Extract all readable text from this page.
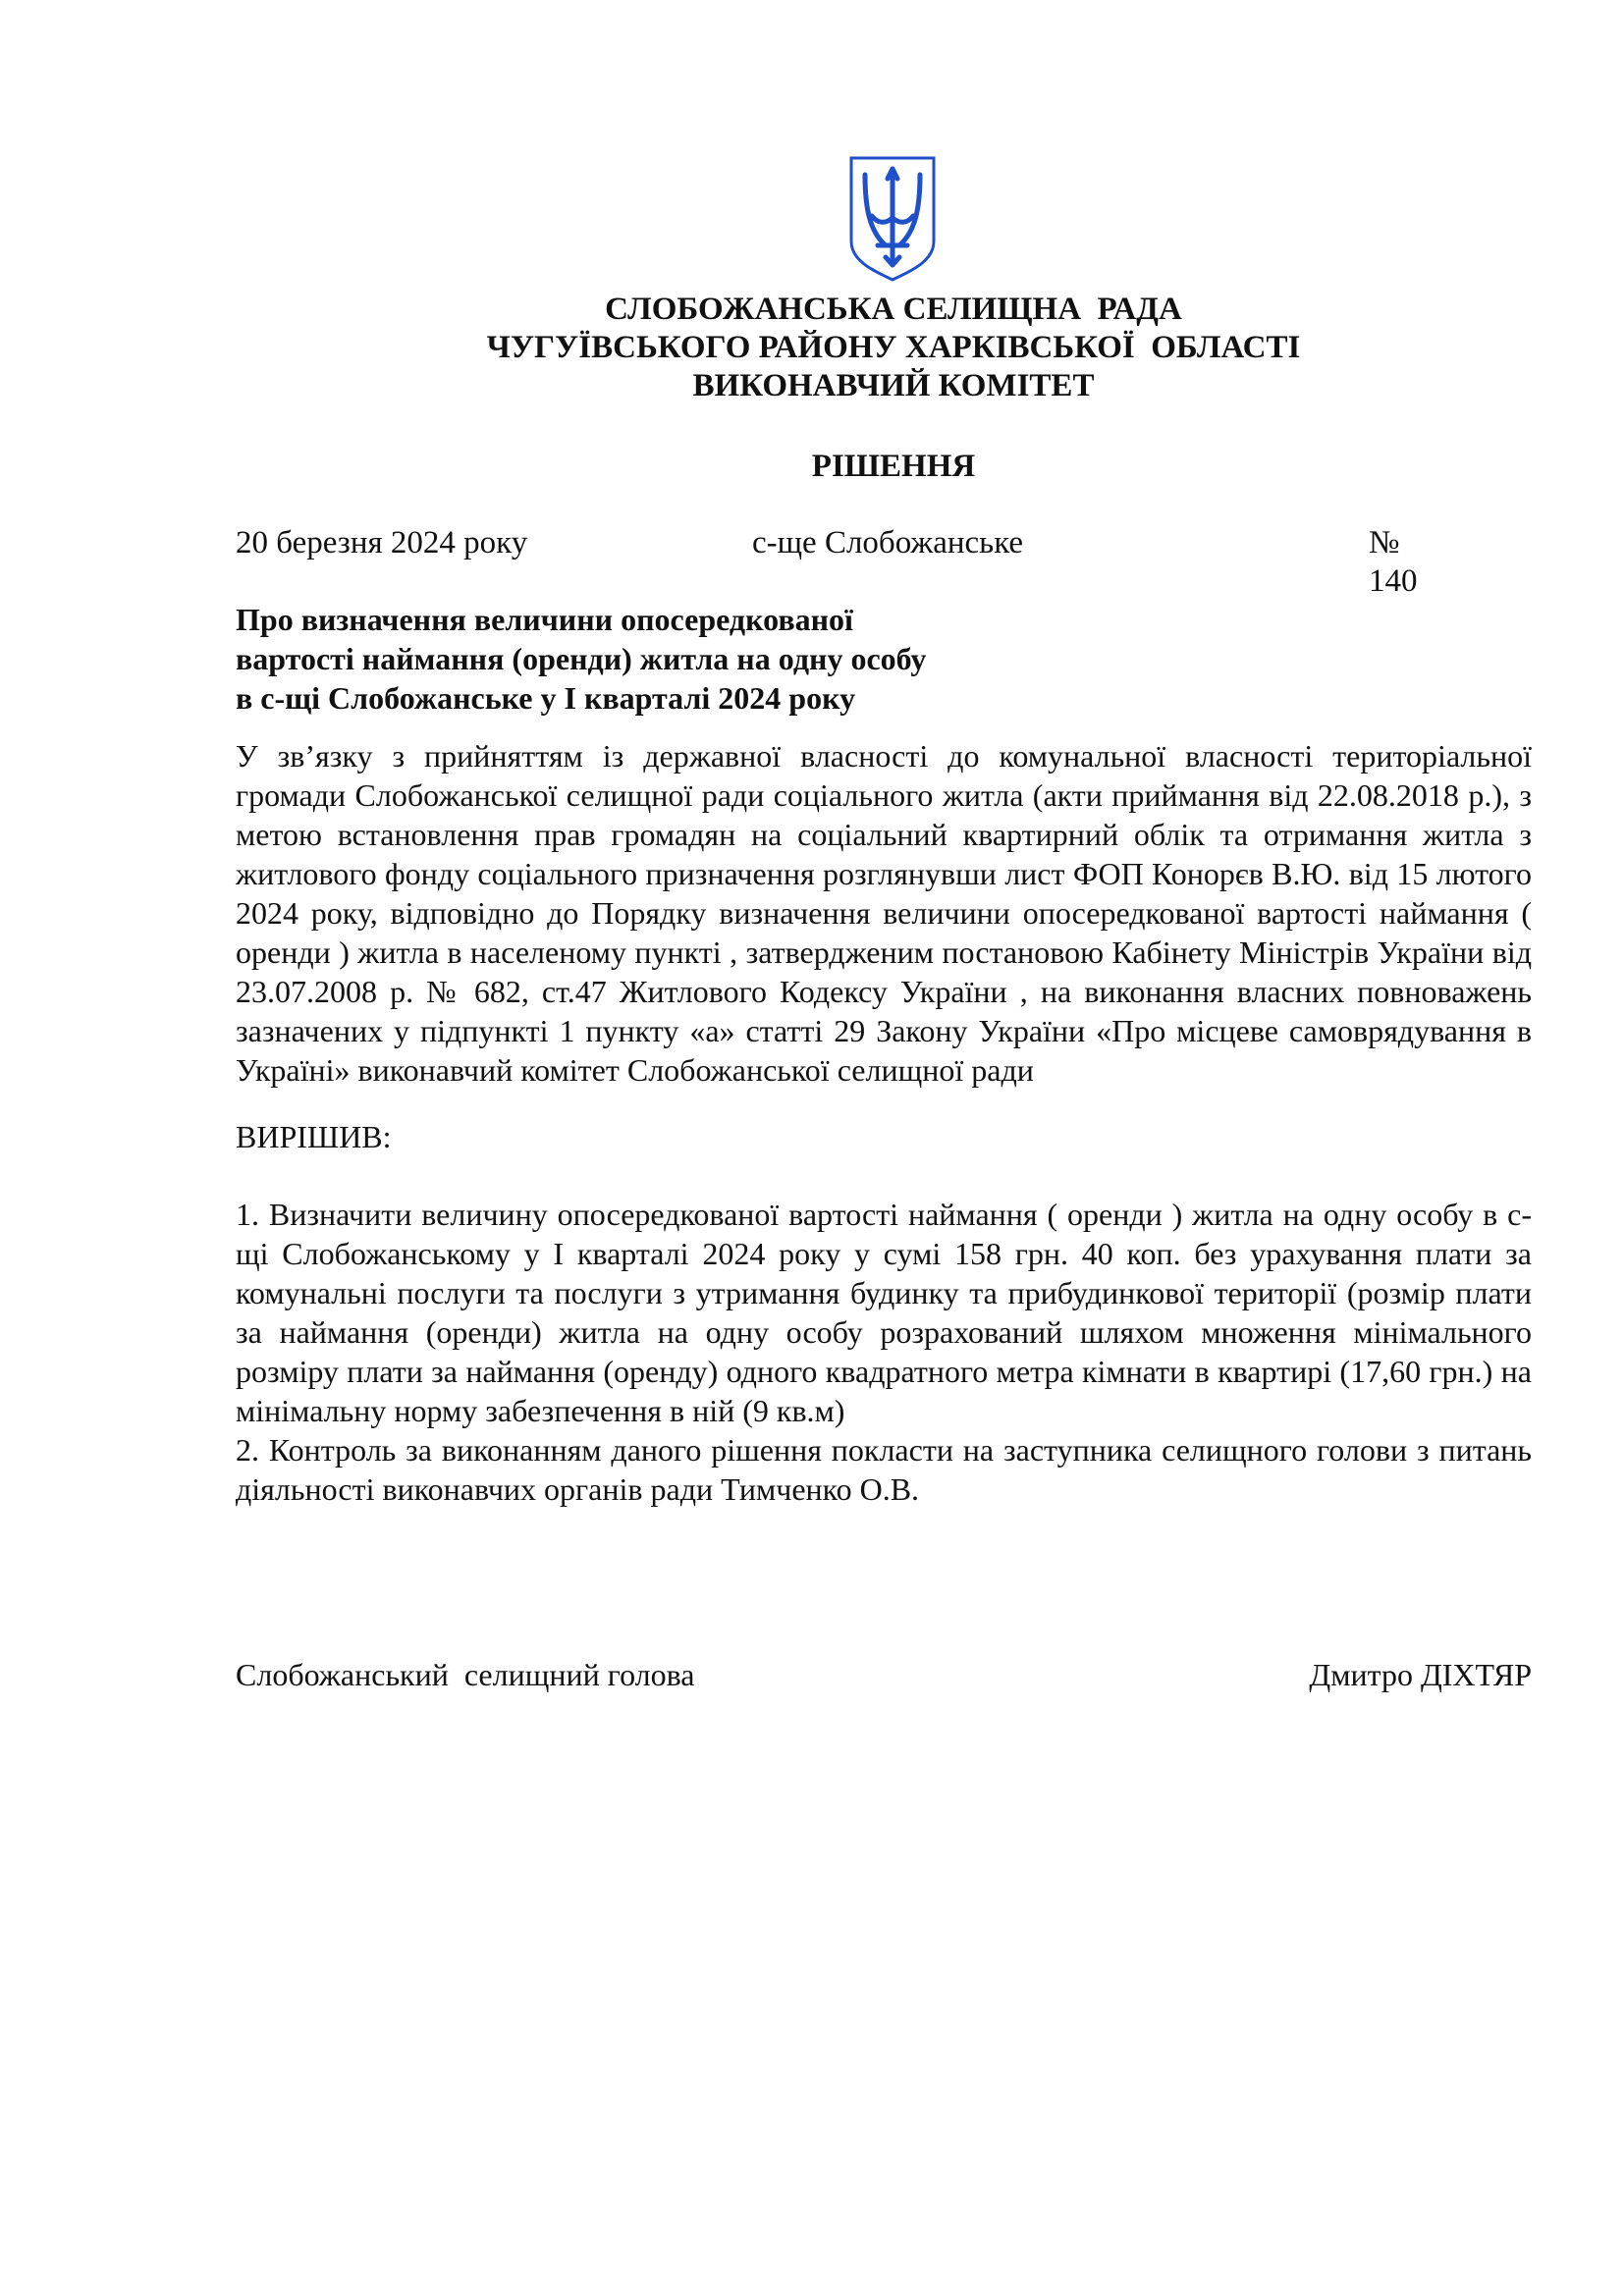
СЛОБОЖАНСЬКА СЕЛИЩНА  РАДА
ЧУГУЇВСЬКОГО РАЙОНУ ХАРКІВСЬКОЇ  ОБЛАСТІ
ВИКОНАВЧИЙ КОМІТЕТ
РІШЕННЯ
20 березня 2024 року	с-ще Слобожанське	№ 140
Про визначення величини опосередкованої
вартості наймання (оренди) житла на одну особу
в с-щі Слобожанське у І кварталі 2024 року
У зв’язку з прийняттям із державної власності до комунальної власності територіальної громади Слобожанської селищної ради соціального житла (акти приймання від 22.08.2018 р.), з метою встановлення прав громадян на соціальний квартирний облік та отримання житла з житлового фонду соціального призначення розглянувши лист ФОП Конорєв В.Ю. від 15 лютого 2024 року, відповідно до Порядку визначення величини опосередкованої вартості наймання ( оренди ) житла в населеному пункті , затвердженим постановою Кабінету Міністрів України від 23.07.2008 р. № 682, ст.47 Житлового Кодексу України , на виконання власних повноважень зазначених у підпункті 1 пункту «а» статті 29 Закону України «Про місцеве самоврядування в Україні» виконавчий комітет Слобожанської селищної ради
ВИРІШИВ:

1. Визначити величину опосередкованої вартості наймання ( оренди ) житла на одну особу в с-щі Слобожанському у І кварталі 2024 року у сумі 158 грн. 40 коп. без урахування плати за комунальні послуги та послуги з утримання будинку та прибудинкової території (розмір плати за наймання (оренди) житла на одну особу розрахований шляхом множення мінімального розміру плати за наймання (оренду) одного квадратного метра кімнати в квартирі (17,60 грн.) на мінімальну норму забезпечення в ній (9 кв.м)

2. Контроль за виконанням даного рішення покласти на заступника селищного голови з питань діяльності виконавчих органів ради Тимченко О.В.

Слобожанський  селищний голова	Дмитро ДІХТЯР
